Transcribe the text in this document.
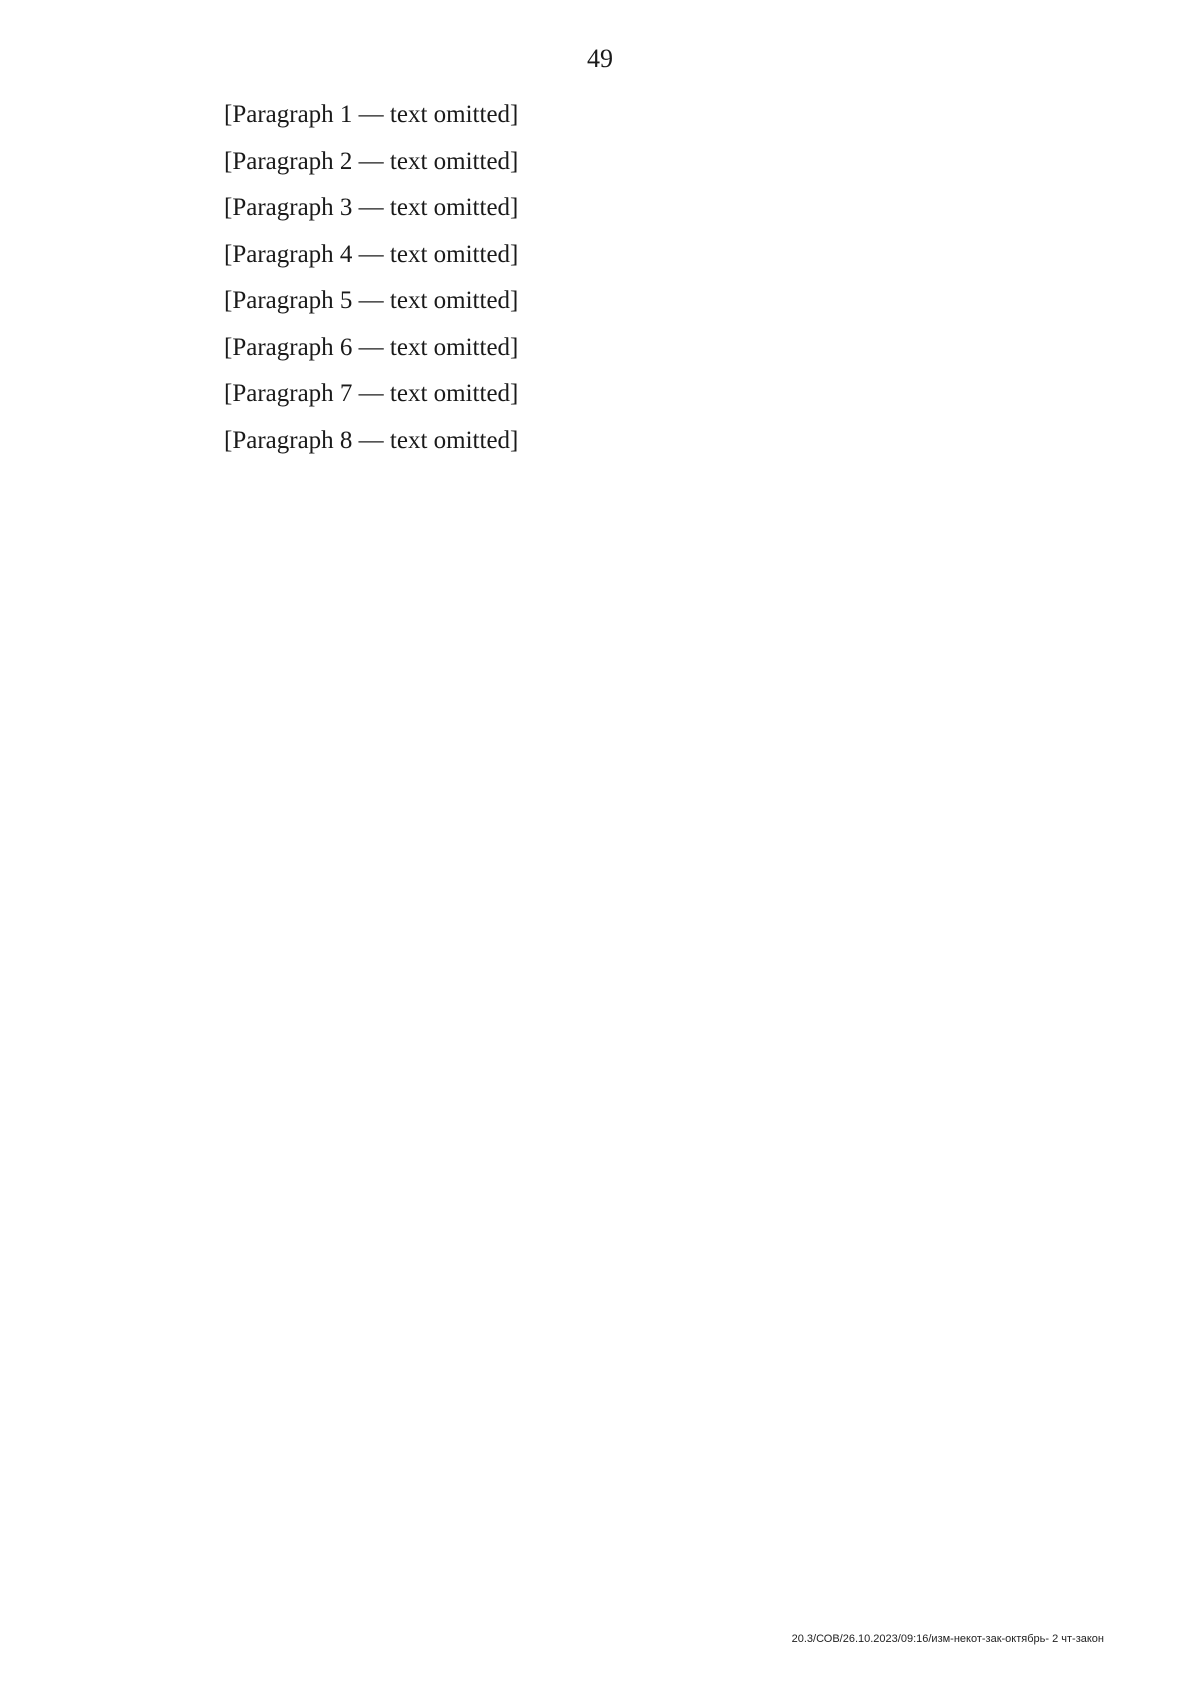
49

[Paragraph 1 — text omitted]

[Paragraph 2 — text omitted]

[Paragraph 3 — text omitted]

[Paragraph 4 — text omitted]

[Paragraph 5 — text omitted]

[Paragraph 6 — text omitted]

[Paragraph 7 — text omitted]

[Paragraph 8 — text omitted]

20.3/СОВ/26.10.2023/09:16/изм-некот-зак-октябрь- 2 чт-закон
